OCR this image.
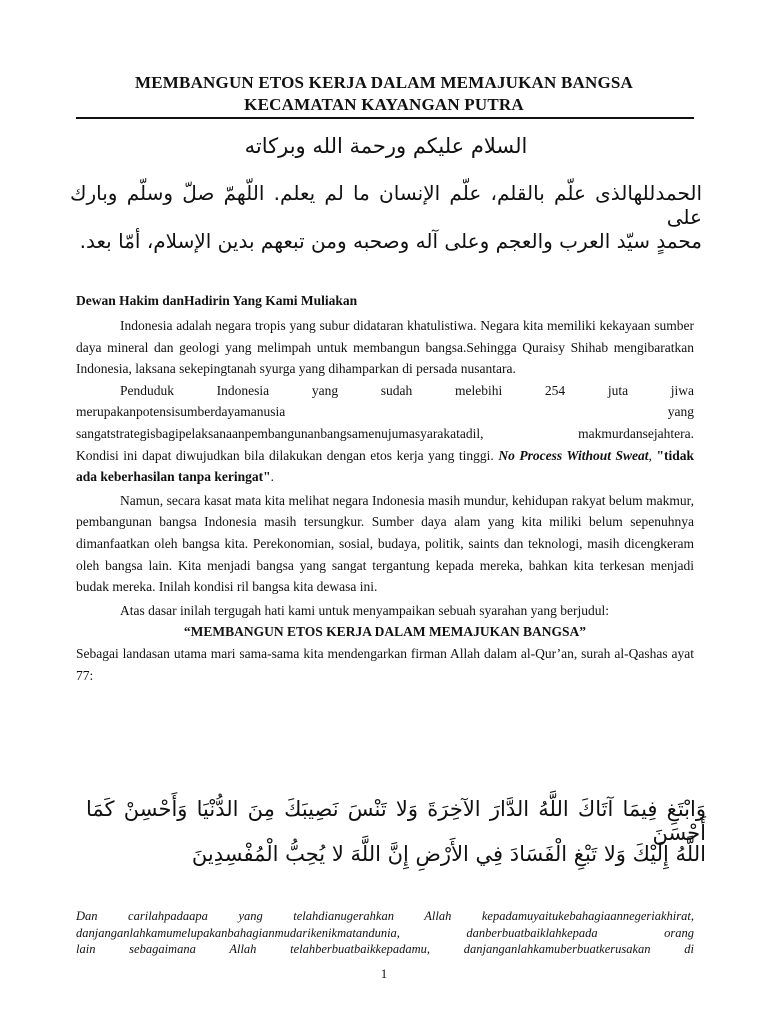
MEMBANGUN ETOS KERJA DALAM MEMAJUKAN BANGSA
KECAMATAN KAYANGAN PUTRA
السلام عليكم ورحمة الله وبركاته
الحمدللهالذى علّم بالقلم، علّم الإنسان ما لم يعلم. اللّهمّ صلّ وسلّم وبارك على
محمدٍ سيّد العرب والعجم وعلى آله وصحبه ومن تبعهم بدين الإسلام، أمّا بعد.
Dewan Hakim danHadirin Yang Kami Muliakan

Indonesia adalah negara tropis yang subur didataran khatulistiwa. Negara kita memiliki kekayaan sumber daya mineral dan geologi yang melimpah untuk membangun bangsa.Sehingga Quraisy Shihab mengibaratkan Indonesia, laksana sekepingtanah syurga yang dihamparkan di persada nusantara.

Penduduk Indonesia yang sudah melebihi 254 juta jiwa

merupakanpotensisumberdayamanusia yang

sangatstrategisbagipelaksanaanpembangunanbangsamenujumasyarakatadil, makmurdansejahtera.

Kondisi ini dapat diwujudkan bila dilakukan dengan etos kerja yang tinggi. No Process Without Sweat, "tidak ada keberhasilan tanpa keringat".

Namun, secara kasat mata kita melihat negara Indonesia masih mundur, kehidupan rakyat belum makmur, pembangunan bangsa Indonesia masih tersungkur. Sumber daya alam yang kita miliki belum sepenuhnya dimanfaatkan oleh bangsa kita. Perekonomian, sosial, budaya, politik, saints dan teknologi, masih dicengkeram oleh bangsa lain. Kita menjadi bangsa yang sangat tergantung kepada mereka, bahkan kita terkesan menjadi budak mereka. Inilah kondisi ril bangsa kita dewasa ini.

Atas dasar inilah tergugah hati kami untuk menyampaikan sebuah syarahan yang berjudul:

“MEMBANGUN ETOS KERJA DALAM MEMAJUKAN BANGSA”

Sebagai landasan utama mari sama-sama kita mendengarkan firman Allah dalam al-Qur’an, surah al-Qashas ayat 77:

وَابْتَغِ فِيمَا آتَاكَ اللَّهُ الدَّارَ الآخِرَةَ وَلا تَنْسَ نَصِيبَكَ مِنَ الدُّنْيَا وَأَحْسِنْ كَمَا أَحْسَنَ
اللَّهُ إِلَيْكَ وَلا تَبْغِ الْفَسَادَ فِي الأَرْضِ إِنَّ اللَّهَ لا يُحِبُّ الْمُفْسِدِينَ
Dan carilahpadaapa yang telahdianugerahkan Allah kepadamuyaitukebahagiaannegeriakhirat,
danjanganlahkamumelupakanbahagianmudarikenikmatandunia, danberbuatbaiklahkepada orang
lain sebagaimana Allah telahberbuatbaikkepadamu, danjanganlahkamuberbuatkerusakan di
1
